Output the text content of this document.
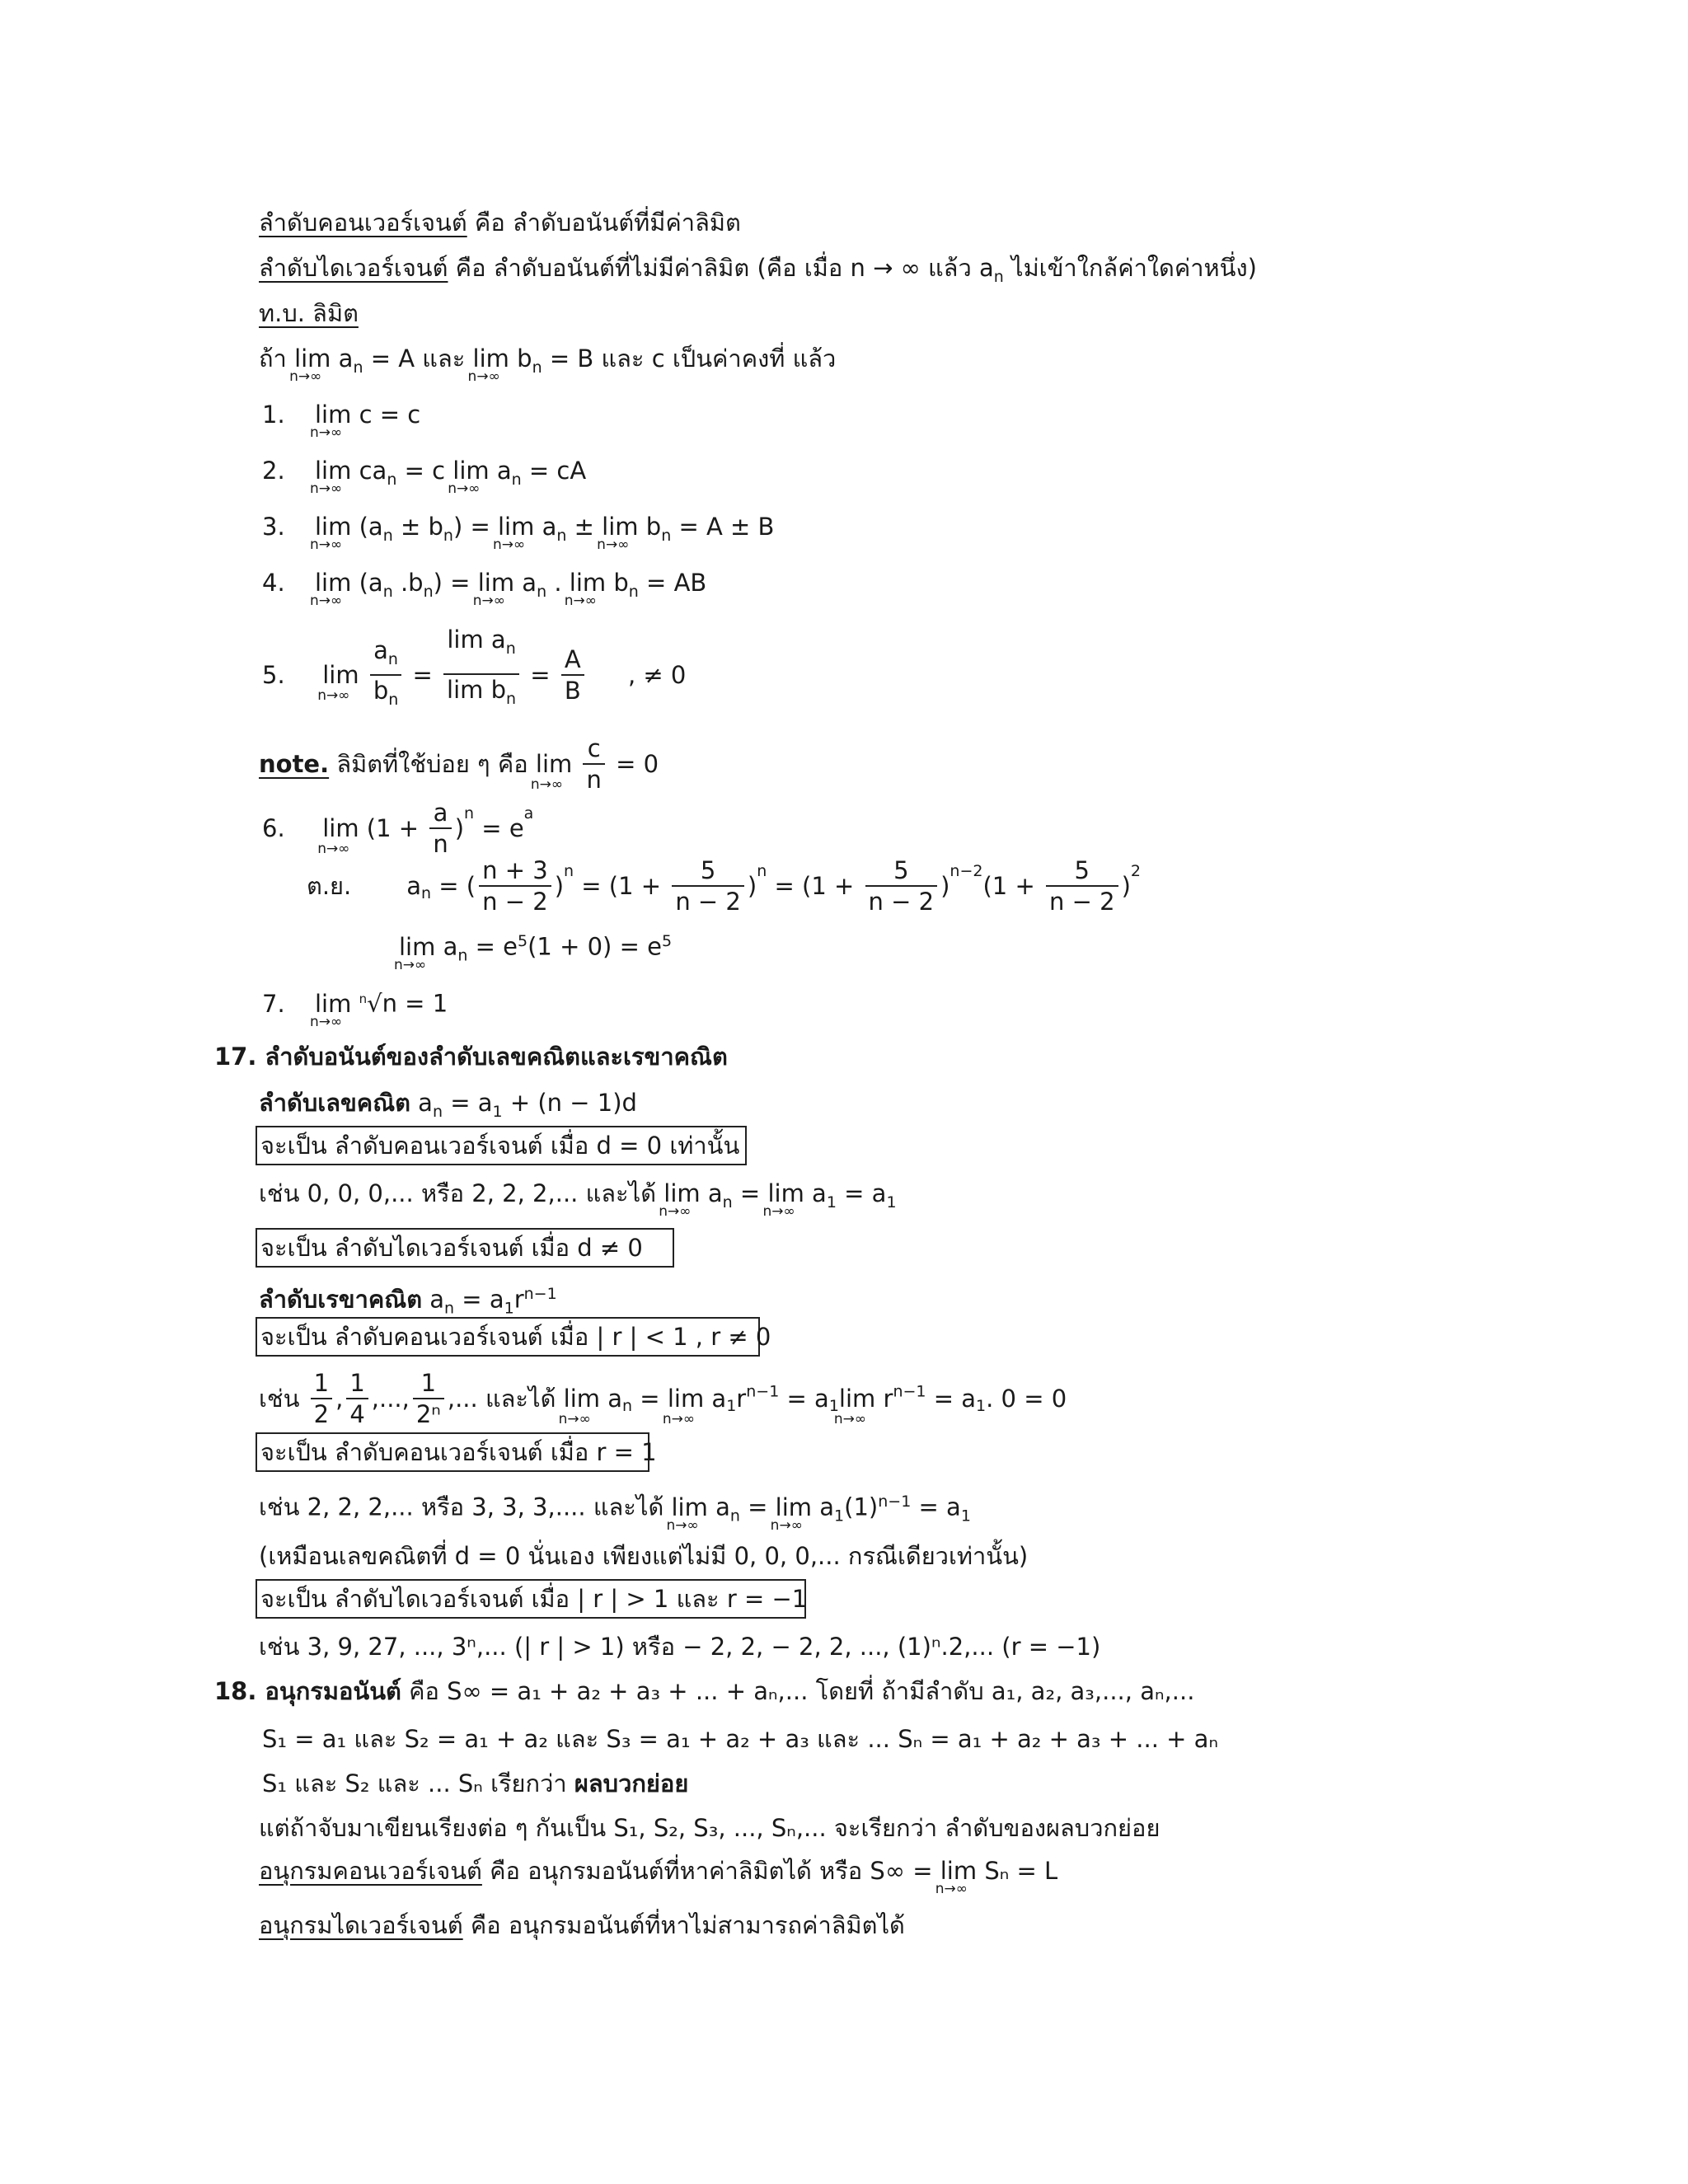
ลำดับคอนเวอร์เจนต์ คือ ลำดับอนันต์ที่มีค่าลิมิต
ลำดับไดเวอร์เจนต์ คือ ลำดับอนันต์ที่ไม่มีค่าลิมิต (คือ เมื่อ n → ∞ แล้ว $a_n$ ไม่เข้าใกล้ค่าใดค่าหนึ่ง)
ท.บ. ลิมิต
ถ้า lim
n→∞
$a_n = A$ และ lim
n→∞
$b_n = B$ และ c เป็นค่าคงที่ แล้ว
1. lim
n→∞
c = c
2. lim
n→∞
$ca_n = c$ lim
n→∞
$a_n$ = cA
3. lim
n→∞
$(a_n \pm b_n) = \lim$
n→∞
$a_n \pm \lim$
n→∞
$b_n = A \pm B$
4. lim
n→∞
($a_n$ $.b_n) = \lim$
n→∞
$a_n$ . lim
n→∞
$b_n$ = AB
5. lim
n→∞
$\frac{a_n}{b_n} = \frac{\lim a_n}{\lim b_n} = \frac{A}{B}$ , ≠ 0
note. ลิมิตที่ใช้บ่อย ๆ คือ lim
n→∞
$\frac{c}{n} = 0$
6. lim
n→∞
$(1 + \frac{a}{n} )^n = e^a$
ต.ย. $a_n$ = ( $\frac{n + 3}{n - 2} )^n = (1 + \frac{5}{n - 2} )^n = (1 + \frac{5}{n - 2} )^{n-2}(1 + \frac{5}{n - 2} )^2$
lim
n→∞
$a_n = e^5(1 + 0) = e^5$
7. lim
n→∞
$^n$√n = 1
17. ลำดับอนันต์ของลำดับเลขคณิตและเรขาคณิต
ลำดับเลขคณิต $a_n = a_1 + (n - 1)d$
จะเป็น ลำดับคอนเวอร์เจนต์ เมื่อ d = 0 เท่านั้น
เช่น 0, 0, 0,... หรือ 2, 2, 2,... และได้ lim
n→∞
$a_n = \lim$
n→∞
$a_1 = a_1$
จะเป็น ลำดับไดเวอร์เจนต์ เมื่อ d ≠ 0
ลำดับเรขาคณิต $a_n = a_1r^{n-1}$
จะเป็น ลำดับคอนเวอร์เจนต์ เมื่อ | r | < 1 , r ≠ 0
เช่น $\frac{1}{2}$ , $\frac{1}{4}$ ,..., $\frac{1}{\text{2ⁿ}}$ ,... และได้ lim
n→∞
$a_n = \lim$
n→∞
$a_1r^{n-1} = a_1\lim$
n→∞
$r^{n-1} = a_1$. 0 = 0
จะเป็น ลำดับคอนเวอร์เจนต์ เมื่อ r = 1
เช่น 2, 2, 2,... หรือ 3, 3, 3,.... และได้ lim
n→∞
$a_n = \lim$
n→∞
$a_1(1)^{n-1} = a_1$
(เหมือนเลขคณิตที่ d = 0 นั่นเอง เพียงแต่ไม่มี 0, 0, 0,... กรณีเดียวเท่านั้น)
จะเป็น ลำดับไดเวอร์เจนต์ เมื่อ | r | > 1 และ r = −1
เช่น 3, 9, 27, ..., 3ⁿ,... (| r | > 1) หรือ − 2, 2, − 2, 2, ..., (1)ⁿ.2,... (r = −1)
18. อนุกรมอนันต์ คือ S∞ = a₁ + a₂ + a₃ + ... + aₙ,... โดยที่ ถ้ามีลำดับ a₁, a₂, a₃,..., aₙ,...
S₁ = a₁ และ S₂ = a₁ + a₂ และ S₃ = a₁ + a₂ + a₃ และ ... Sₙ = a₁ + a₂ + a₃ + ... + aₙ
S₁ และ S₂ และ ... Sₙ เรียกว่า ผลบวกย่อย
แต่ถ้าจับมาเขียนเรียงต่อ ๆ กันเป็น S₁, S₂, S₃, ..., Sₙ,... จะเรียกว่า ลำดับของผลบวกย่อย
อนุกรมคอนเวอร์เจนต์ คือ อนุกรมอนันต์ที่หาค่าลิมิตได้ หรือ S∞ = lim
n→∞
Sₙ = L
อนุกรมไดเวอร์เจนต์ คือ อนุกรมอนันต์ที่หาไม่สามารถค่าลิมิตได้
